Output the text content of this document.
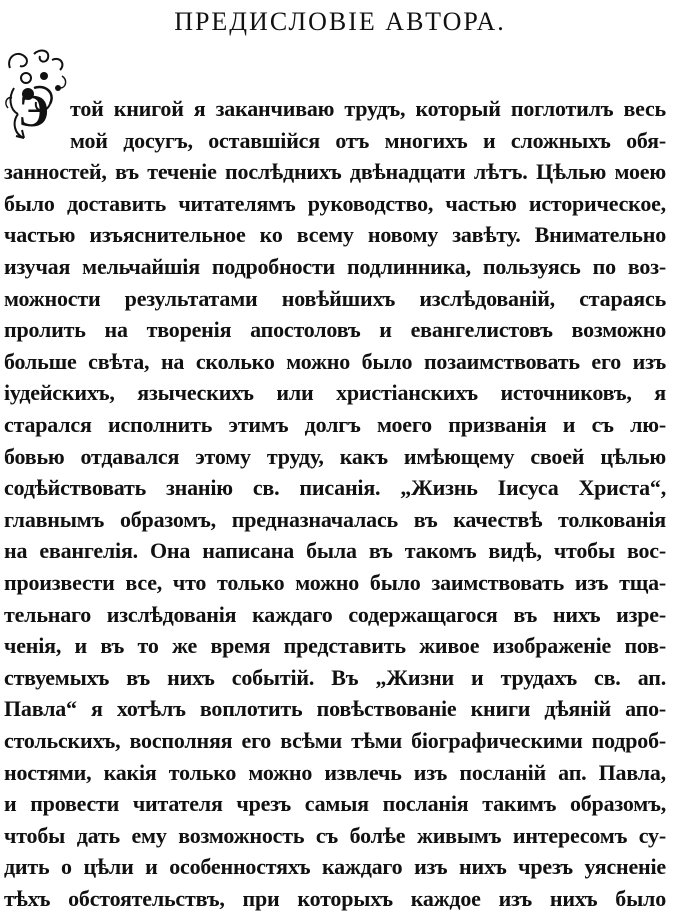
ПРЕДИСЛОВІЕ АВТОРА.
Э той книгой я заканчиваю трудъ, который поглотилъ весь
мой досугъ, оставшійся отъ многихъ и сложныхъ обя-
занностей, въ теченіе послѣднихъ двѣнадцати лѣтъ. Цѣлью моею
было доставить читателямъ руководство, частью историческое,
частью изъяснительное ко всему новому завѣту. Внимательно
изучая мельчайшія подробности подлинника, пользуясь по воз-
можности результатами новѣйшихъ изслѣдованій, стараясь
пролить на творенія апостоловъ и евангелистовъ возможно
больше свѣта, на сколько можно было позаимствовать его изъ
іудейскихъ, языческихъ или христіанскихъ источниковъ, я
старался исполнить этимъ долгъ моего призванія и съ лю-
бовью отдавался этому труду, какъ имѣющему своей цѣлью
содѣйствовать знанію св. писанія. „Жизнь Іисуса Христа“,
главнымъ образомъ, предназначалась въ качествѣ толкованія
на евангелія. Она написана была въ такомъ видѣ, чтобы вос-
произвести все, что только можно было заимствовать изъ тща-
тельнаго изслѣдованія каждаго содержащагося въ нихъ изре-
ченія, и въ то же время представить живое изображеніе пов-
ствуемыхъ въ нихъ событій. Въ „Жизни и трудахъ св. ап.
Павла“ я хотѣлъ воплотить повѣствованіе книги дѣяній апо-
стольскихъ, восполняя его всѣми тѣми біографическими подроб-
ностями, какія только можно извлечь изъ посланій ап. Павла,
и провести читателя чрезъ самыя посланія такимъ образомъ,
чтобы дать ему возможность съ болѣе живымъ интересомъ су-
дить о цѣли и особенностяхъ каждаго изъ нихъ чрезъ уясненіе
тѣхъ обстоятельствъ, при которыхъ каждое изъ нихъ было
